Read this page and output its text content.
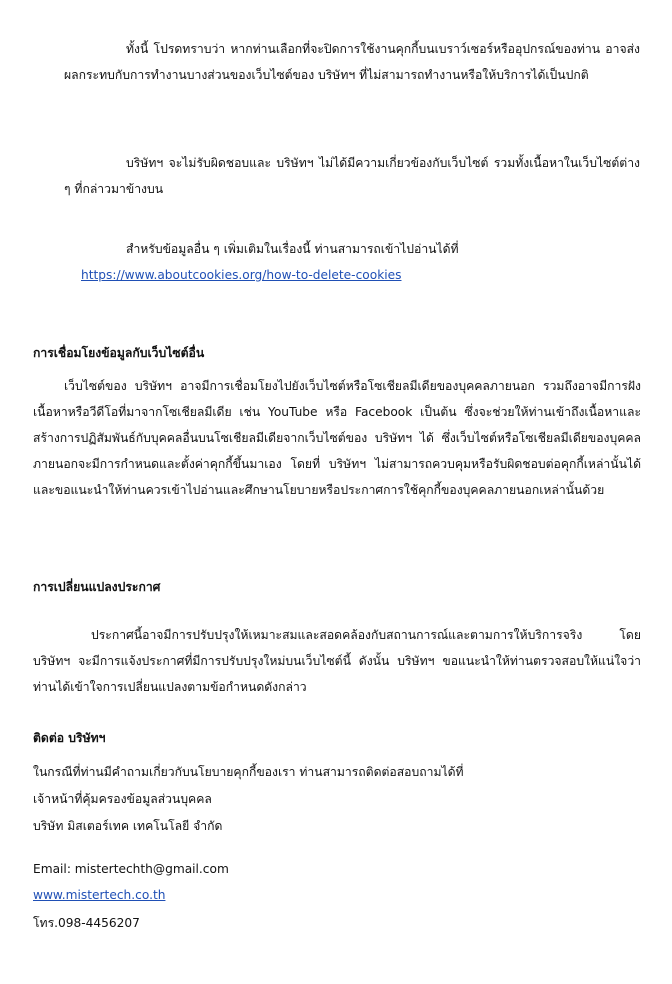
ทั้งนี้ โปรดทราบว่า หากท่านเลือกที่จะปิดการใช้งานคุกกี้บนเบราว์เซอร์หรืออุปกรณ์ของท่าน อาจส่งผลกระทบกับการทำงานบางส่วนของเว็บไซต์ของ บริษัทฯ ที่ไม่สามารถทำงานหรือให้บริการได้เป็นปกติ

บริษัทฯ จะไม่รับผิดชอบและ บริษัทฯ ไม่ได้มีความเกี่ยวข้องกับเว็บไซต์ รวมทั้งเนื้อหาในเว็บไซต์ต่าง ๆ ที่กล่าวมาข้างบน

สำหรับข้อมูลอื่น ๆ เพิ่มเติมในเรื่องนี้ ท่านสามารถเข้าไปอ่านได้ที่
https://www.aboutcookies.org/how-to-delete-cookies

การเชื่อมโยงข้อมูลกับเว็บไซต์อื่น

เว็บไซต์ของ บริษัทฯ อาจมีการเชื่อมโยงไปยังเว็บไซต์หรือโซเชียลมีเดียของบุคคลภายนอก รวมถึงอาจมีการฝังเนื้อหาหรือวีดีโอที่มาจากโซเชียลมีเดีย เช่น YouTube หรือ Facebook เป็นต้น ซึ่งจะช่วยให้ท่านเข้าถึงเนื้อหาและสร้างการปฏิสัมพันธ์กับบุคคลอื่นบนโซเชียลมีเดียจากเว็บไซต์ของ บริษัทฯ ได้ ซึ่งเว็บไซต์หรือโซเชียลมีเดียของบุคคลภายนอกจะมีการกำหนดและตั้งค่าคุกกี้ขึ้นมาเอง โดยที่ บริษัทฯ ไม่สามารถควบคุมหรือรับผิดชอบต่อคุกกี้เหล่านั้นได้ และขอแนะนำให้ท่านควรเข้าไปอ่านและศึกษานโยบายหรือประกาศการใช้คุกกี้ของบุคคลภายนอกเหล่านั้นด้วย

การเปลี่ยนแปลงประกาศ

ประกาศนี้อาจมีการปรับปรุงให้เหมาะสมและสอดคล้องกับสถานการณ์และตามการให้บริการจริง โดย บริษัทฯ จะมีการแจ้งประกาศที่มีการปรับปรุงใหม่บนเว็บไซต์นี้ ดังนั้น บริษัทฯ ขอแนะนำให้ท่านตรวจสอบให้แน่ใจว่าท่านได้เข้าใจการเปลี่ยนแปลงตามข้อกำหนดดังกล่าว

ติดต่อ บริษัทฯ

ในกรณีที่ท่านมีคำถามเกี่ยวกับนโยบายคุกกี้ของเรา ท่านสามารถติดต่อสอบถามได้ที่

เจ้าหน้าที่คุ้มครองข้อมูลส่วนบุคคล

บริษัท มิสเตอร์เทค เทคโนโลยี จำกัด

Email: mistertechth@gmail.com

www.mistertech.co.th

โทร.098-4456207
